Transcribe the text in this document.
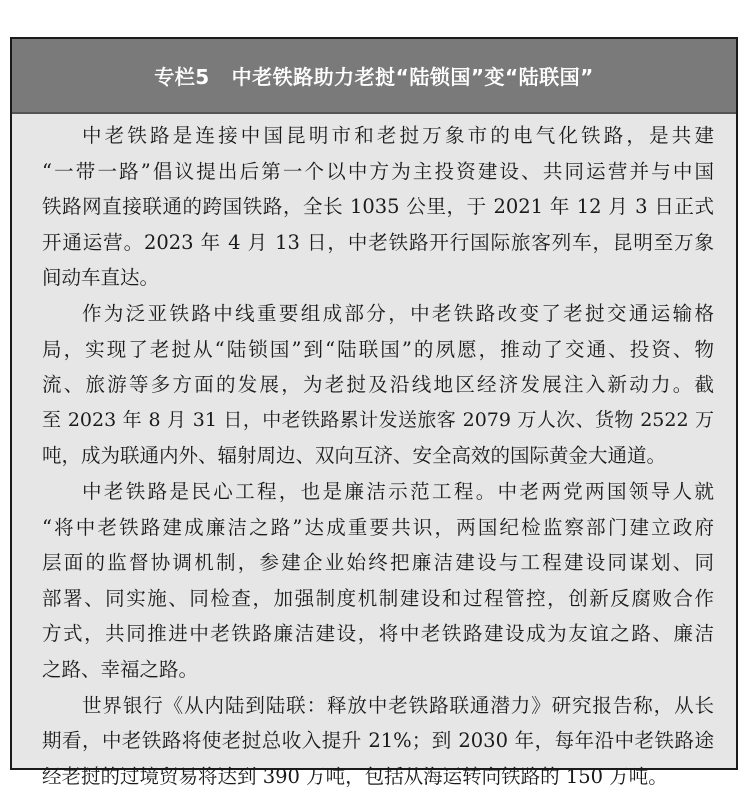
专栏5 中老铁路助力老挝“陆锁国”变“陆联国”
中老铁路是连接中国昆明市和老挝万象市的电气化铁路，是共建
“一带一路”倡议提出后第一个以中方为主投资建设、共同运营并与中国
铁路网直接联通的跨国铁路，全长 1035 公里，于 2021 年 12 月 3 日正式
开通运营。2023 年 4 月 13 日，中老铁路开行国际旅客列车，昆明至万象
间动车直达。
作为泛亚铁路中线重要组成部分，中老铁路改变了老挝交通运输格
局，实现了老挝从“陆锁国”到“陆联国”的夙愿，推动了交通、投资、物
流、旅游等多方面的发展，为老挝及沿线地区经济发展注入新动力。截
至 2023 年 8 月 31 日，中老铁路累计发送旅客 2079 万人次、货物 2522 万
吨，成为联通内外、辐射周边、双向互济、安全高效的国际黄金大通道。
中老铁路是民心工程，也是廉洁示范工程。中老两党两国领导人就
“将中老铁路建成廉洁之路”达成重要共识，两国纪检监察部门建立政府
层面的监督协调机制，参建企业始终把廉洁建设与工程建设同谋划、同
部署、同实施、同检查，加强制度机制建设和过程管控，创新反腐败合作
方式，共同推进中老铁路廉洁建设，将中老铁路建设成为友谊之路、廉洁
之路、幸福之路。
世界银行《从内陆到陆联：释放中老铁路联通潜力》研究报告称，从长
期看，中老铁路将使老挝总收入提升 21%；到 2030 年，每年沿中老铁路途
经老挝的过境贸易将达到 390 万吨，包括从海运转向铁路的 150 万吨。
